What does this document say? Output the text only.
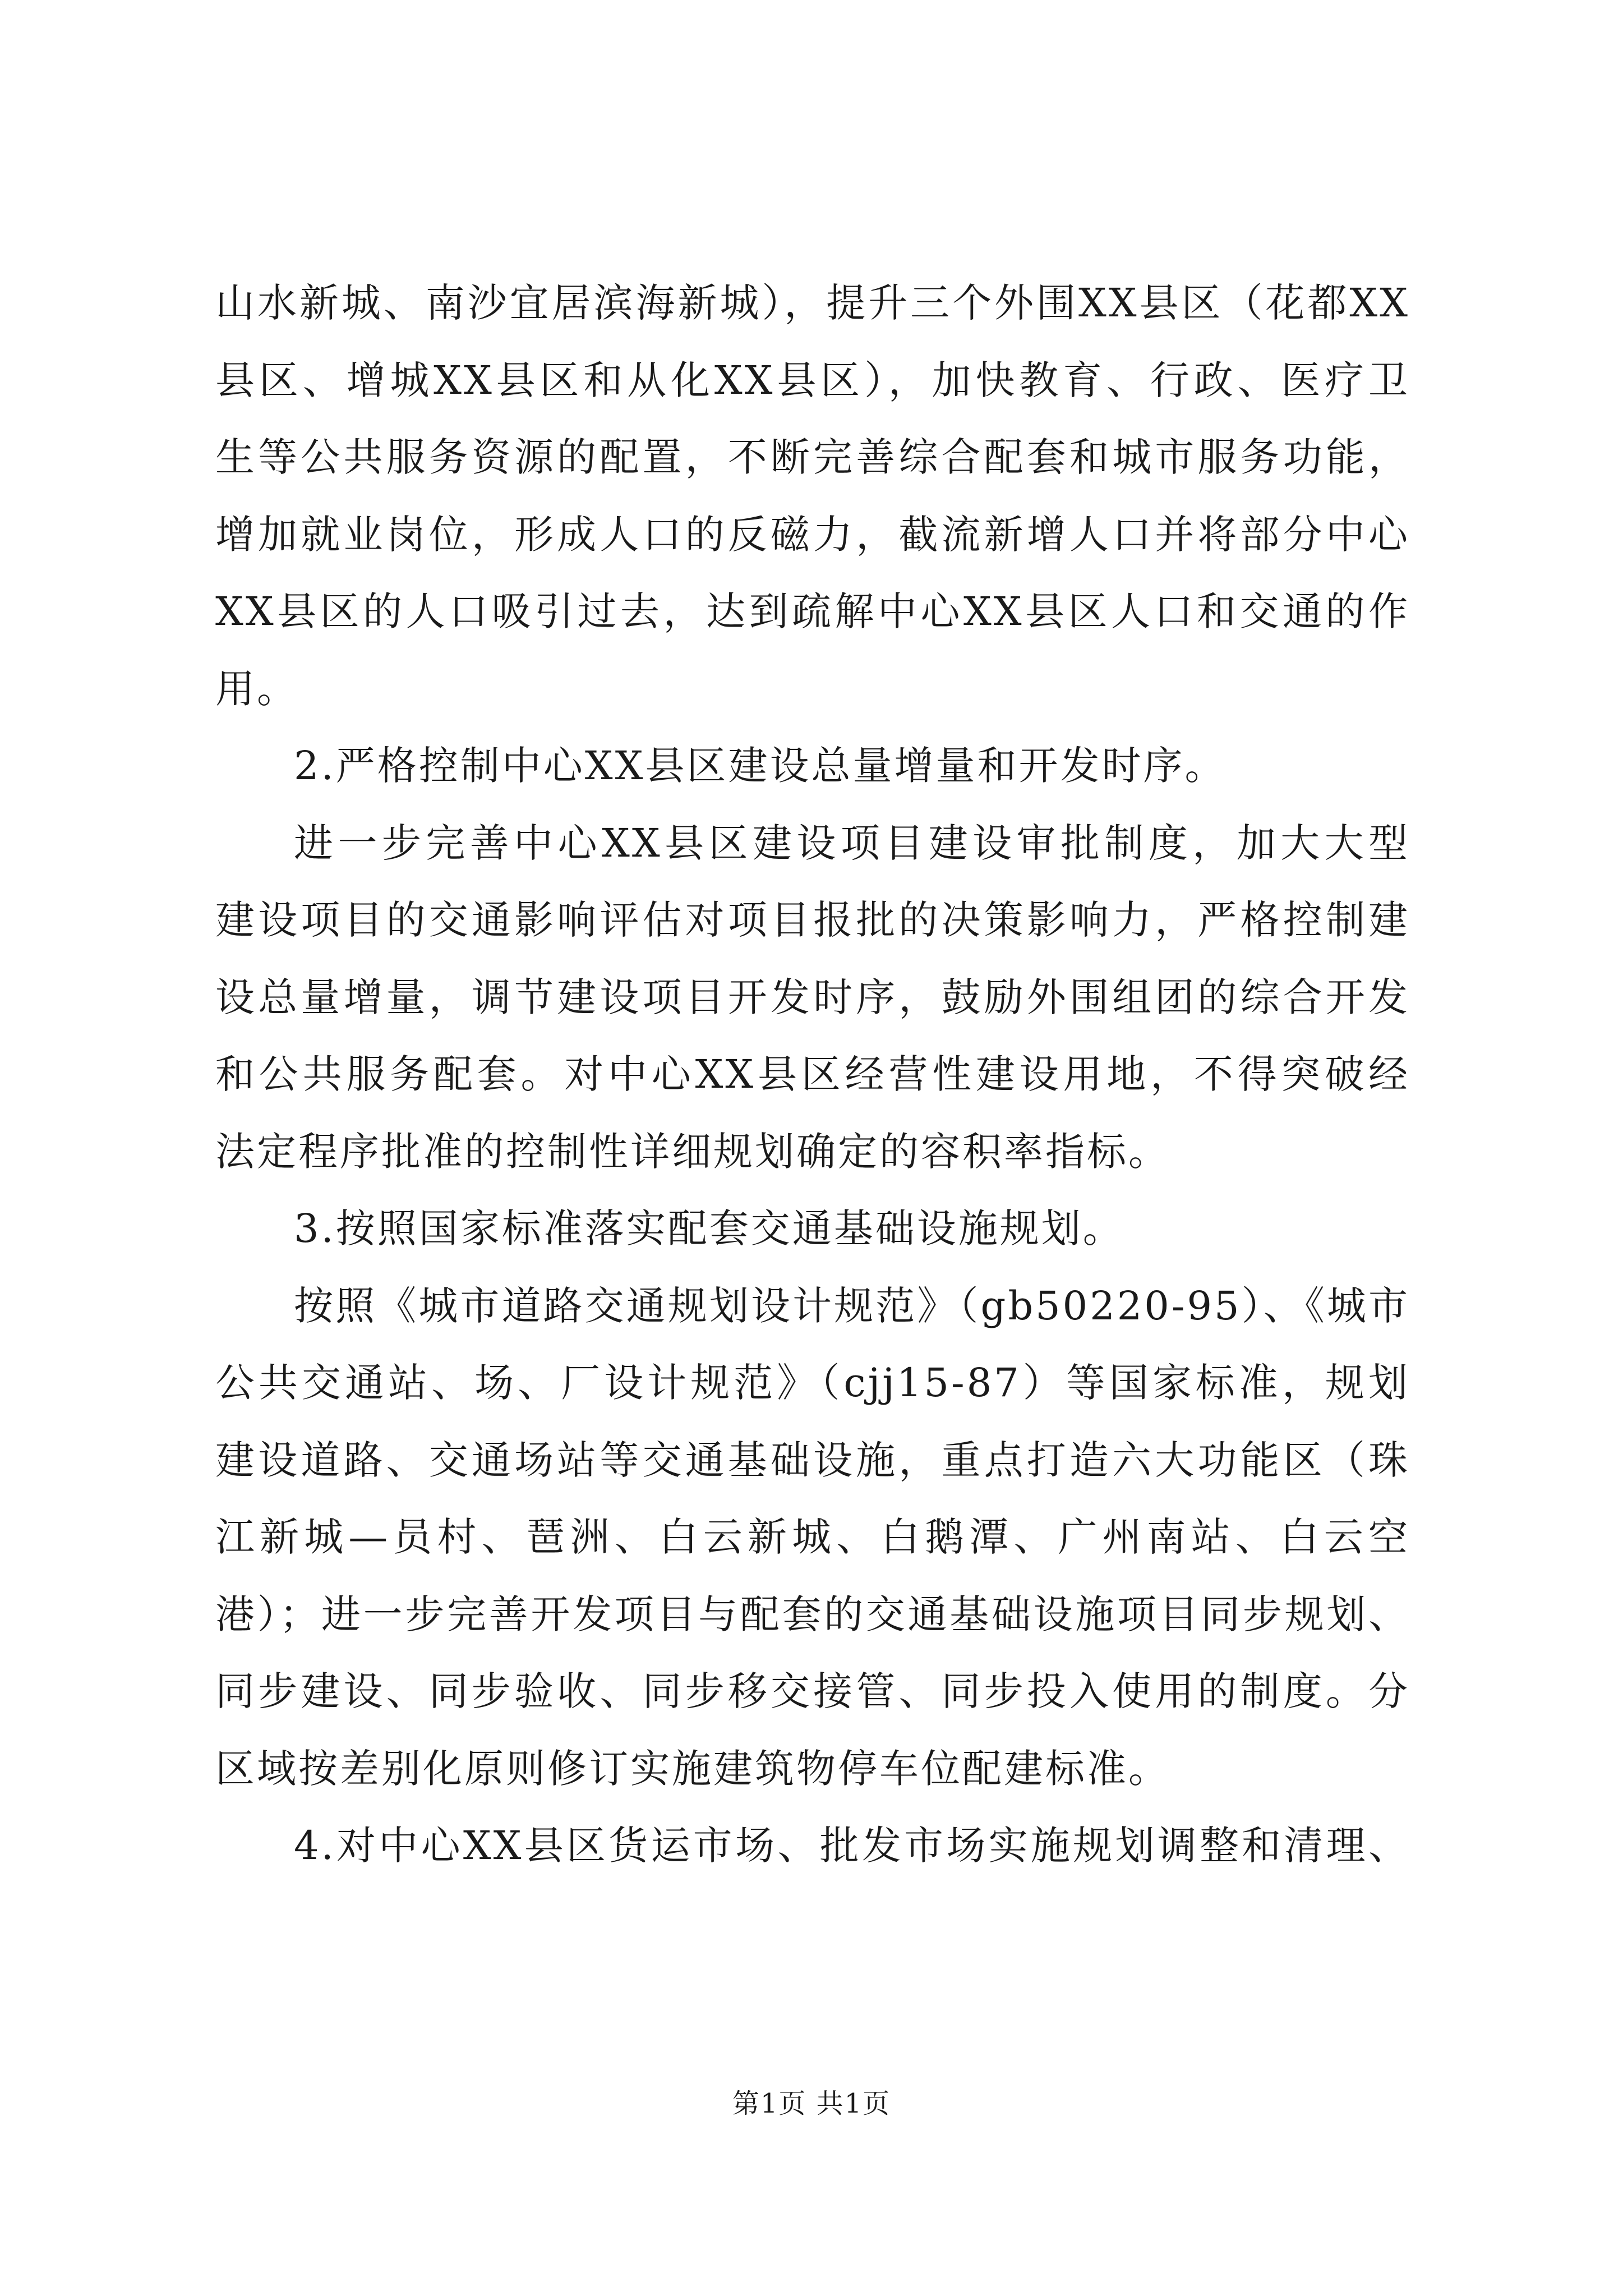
山水新城、南沙宜居滨海新城），提升三个外围XX县区（花都XX
县区、增城XX县区和从化XX县区），加快教育、行政、医疗卫
生等公共服务资源的配置，不断完善综合配套和城市服务功能，
增加就业岗位，形成人口的反磁力，截流新增人口并将部分中心
XX县区的人口吸引过去，达到疏解中心XX县区人口和交通的作
用。
2.严格控制中心XX县区建设总量增量和开发时序。
进一步完善中心XX县区建设项目建设审批制度，加大大型
建设项目的交通影响评估对项目报批的决策影响力，严格控制建
设总量增量，调节建设项目开发时序，鼓励外围组团的综合开发
和公共服务配套。对中心XX县区经营性建设用地，不得突破经
法定程序批准的控制性详细规划确定的容积率指标。
3.按照国家标准落实配套交通基础设施规划。
按照《城市道路交通规划设计规范》（gb50220-95）、《城市
公共交通站、场、厂设计规范》（cjj15-87）等国家标准，规划
建设道路、交通场站等交通基础设施，重点打造六大功能区（珠
江新城—员村、琶洲、白云新城、白鹅潭、广州南站、白云空
港）；进一步完善开发项目与配套的交通基础设施项目同步规划、
同步建设、同步验收、同步移交接管、同步投入使用的制度。分
区域按差别化原则修订实施建筑物停车位配建标准。
4.对中心XX县区货运市场、批发市场实施规划调整和清理、
第1页 共1页
